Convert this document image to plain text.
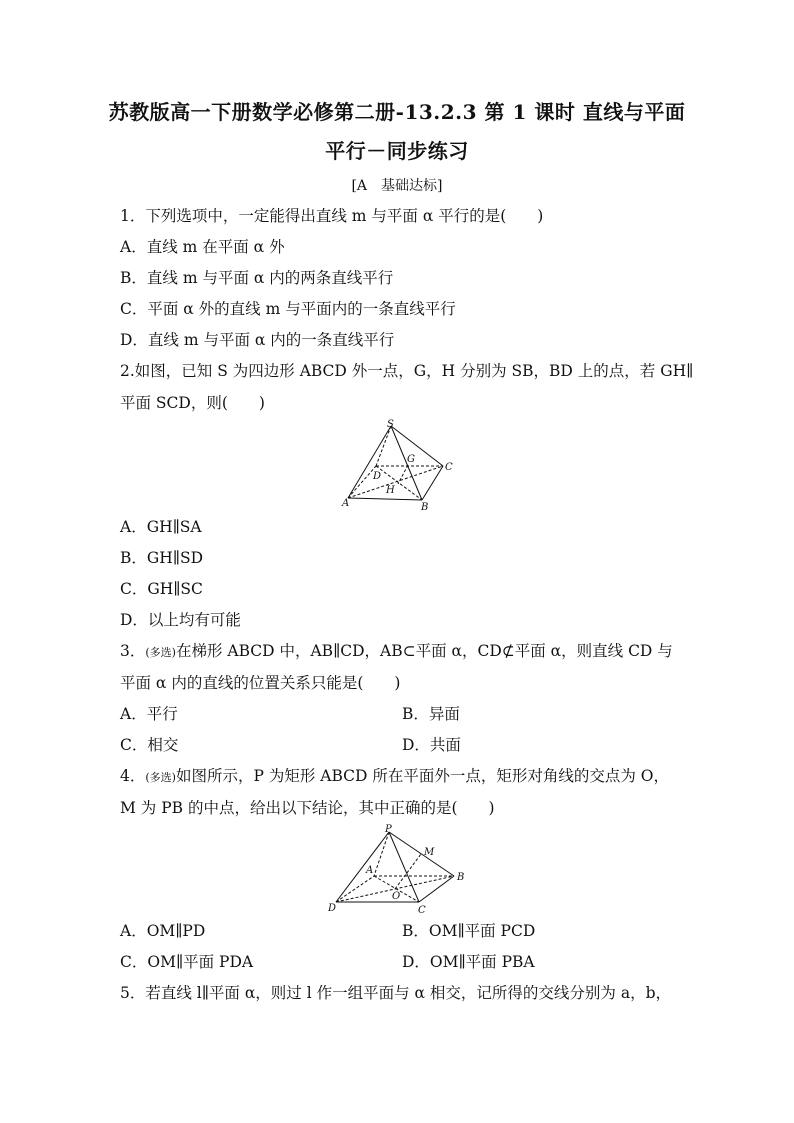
苏教版高一下册数学必修第二册-13.2.3 第 1 课时 直线与平面
平行－同步练习
[A　基础达标]
1．下列选项中，一定能得出直线 m 与平面 α 平行的是(　　)
A．直线 m 在平面 α 外
B．直线 m 与平面 α 内的两条直线平行
C．平面 α 外的直线 m 与平面内的一条直线平行
D．直线 m 与平面 α 内的一条直线平行
2.如图，已知 S 为四边形 ABCD 外一点，G，H 分别为 SB，BD 上的点，若 GH∥
平面 SCD，则(　　)
S
G
C
D
H
A	B
A．GH∥SA
B．GH∥SD
C．GH∥SC
D．以上均有可能
3．(多选)在梯形 ABCD 中，AB∥CD，AB⊂平面 α，CD⊄平面 α，则直线 CD 与
平面 α 内的直线的位置关系只能是(　　)
A．平行	B．异面
C．相交	D．共面
4．(多选)如图所示，P 为矩形 ABCD 所在平面外一点，矩形对角线的交点为 O，
M 为 PB 的中点，给出以下结论，其中正确的是(　　)
P
M
A
B
O
D	C
A．OM∥PD	B．OM∥平面 PCD
C．OM∥平面 PDA	D．OM∥平面 PBA
5．若直线 l∥平面 α，则过 l 作一组平面与 α 相交，记所得的交线分别为 a，b，
